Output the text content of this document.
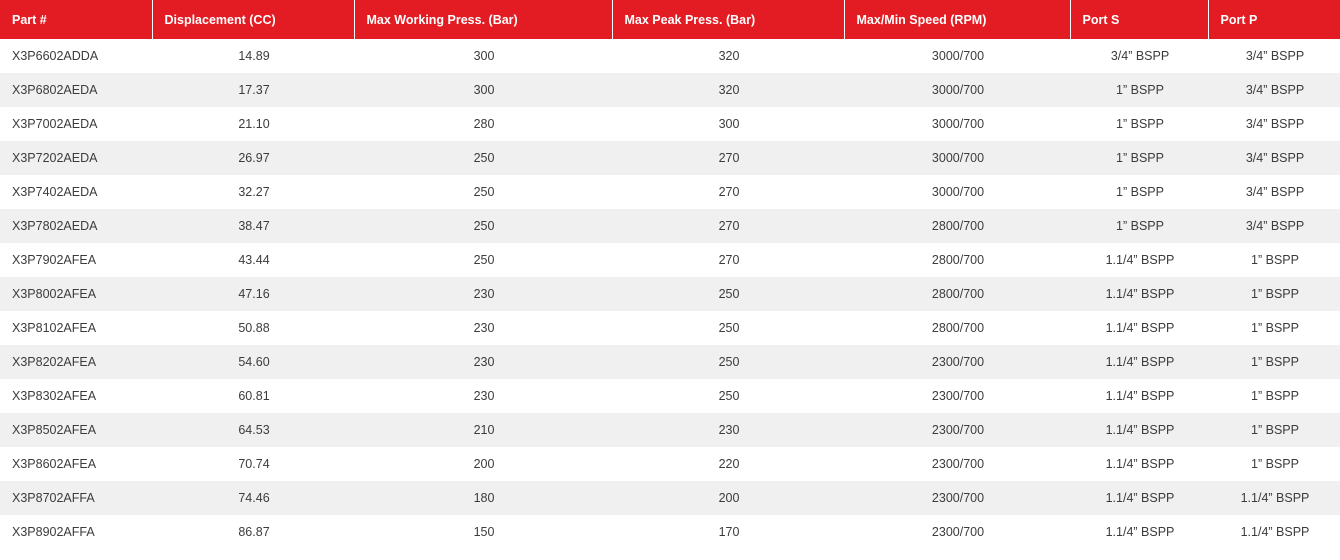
Part #	Displacement (CC)	Max Working Press. (Bar)	Max Peak Press. (Bar)	Max/Min Speed (RPM)	Port S	Port P
X3P6602ADDA	14.89	300	320	3000/700	3/4” BSPP	3/4” BSPP
X3P6802AEDA	17.37	300	320	3000/700	1” BSPP	3/4” BSPP
X3P7002AEDA	21.10	280	300	3000/700	1” BSPP	3/4” BSPP
X3P7202AEDA	26.97	250	270	3000/700	1” BSPP	3/4” BSPP
X3P7402AEDA	32.27	250	270	3000/700	1” BSPP	3/4” BSPP
X3P7802AEDA	38.47	250	270	2800/700	1” BSPP	3/4” BSPP
X3P7902AFEA	43.44	250	270	2800/700	1.1/4” BSPP	1” BSPP
X3P8002AFEA	47.16	230	250	2800/700	1.1/4” BSPP	1” BSPP
X3P8102AFEA	50.88	230	250	2800/700	1.1/4” BSPP	1” BSPP
X3P8202AFEA	54.60	230	250	2300/700	1.1/4” BSPP	1” BSPP
X3P8302AFEA	60.81	230	250	2300/700	1.1/4” BSPP	1” BSPP
X3P8502AFEA	64.53	210	230	2300/700	1.1/4” BSPP	1” BSPP
X3P8602AFEA	70.74	200	220	2300/700	1.1/4” BSPP	1” BSPP
X3P8702AFFA	74.46	180	200	2300/700	1.1/4” BSPP	1.1/4” BSPP
X3P8902AFFA	86.87	150	170	2300/700	1.1/4” BSPP	1.1/4” BSPP
